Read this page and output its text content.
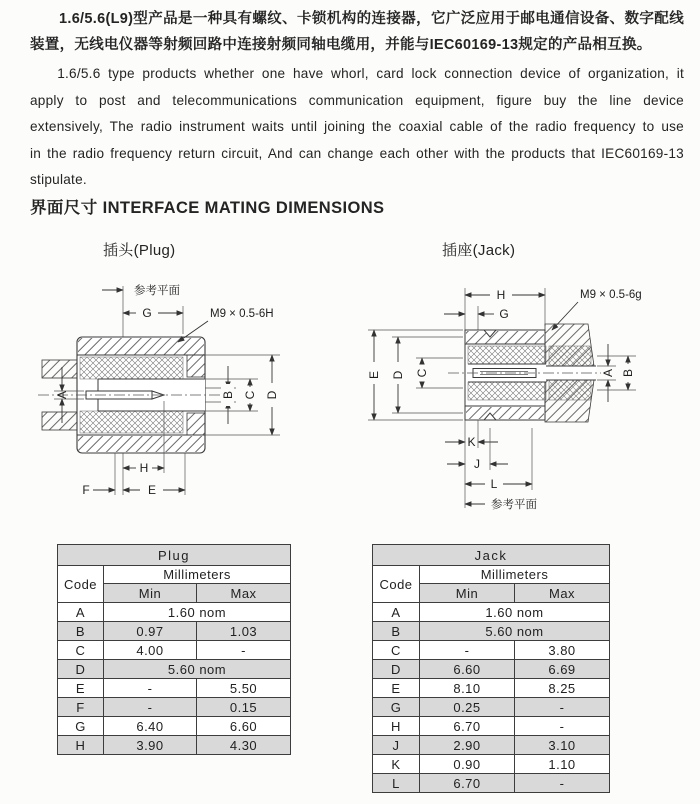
1.6/5.6(L9)型产品是一种具有螺纹、卡锁机构的连接器，它广泛应用于邮电通信设备、数字配线装置，无线电仪器等射频回路中连接射频同轴电缆用，并能与IEC60169-13规定的产品相互换。

1.6/5.6 type products whether one have whorl, card lock connection device of organization, it apply to post and telecommunications communication equipment, figure buy the line device extensively, The radio instrument waits until joining the coaxial cable of the radio frequency to use in the radio frequency return circuit, And can change each other with the products that IEC60169-13 stipulate.

界面尺寸 INTERFACE MATING DIMENSIONS
插头(Plug)	插座(Jack)
参考平面
G	M9 × 0.5-6H
A	B C D
H
F	E
参考平面
H	M9 × 0.5-6g
G
E D C	A B
K
J
L
Plug		
Code	Millimeters	
	Min	Max
A	1.60 nom	
B	0.97	1.03
C	4.00	-
D	5.60 nom	
E	-	5.50
F	-	0.15
G	6.40	6.60
H	3.90	4.30
Jack		
Code	Millimeters	
	Min	Max
A	1.60 nom	
B	5.60 nom	
C	-	3.80
D	6.60	6.69
E	8.10	8.25
G	0.25	-
H	6.70	-
J	2.90	3.10
K	0.90	1.10
L	6.70	-
